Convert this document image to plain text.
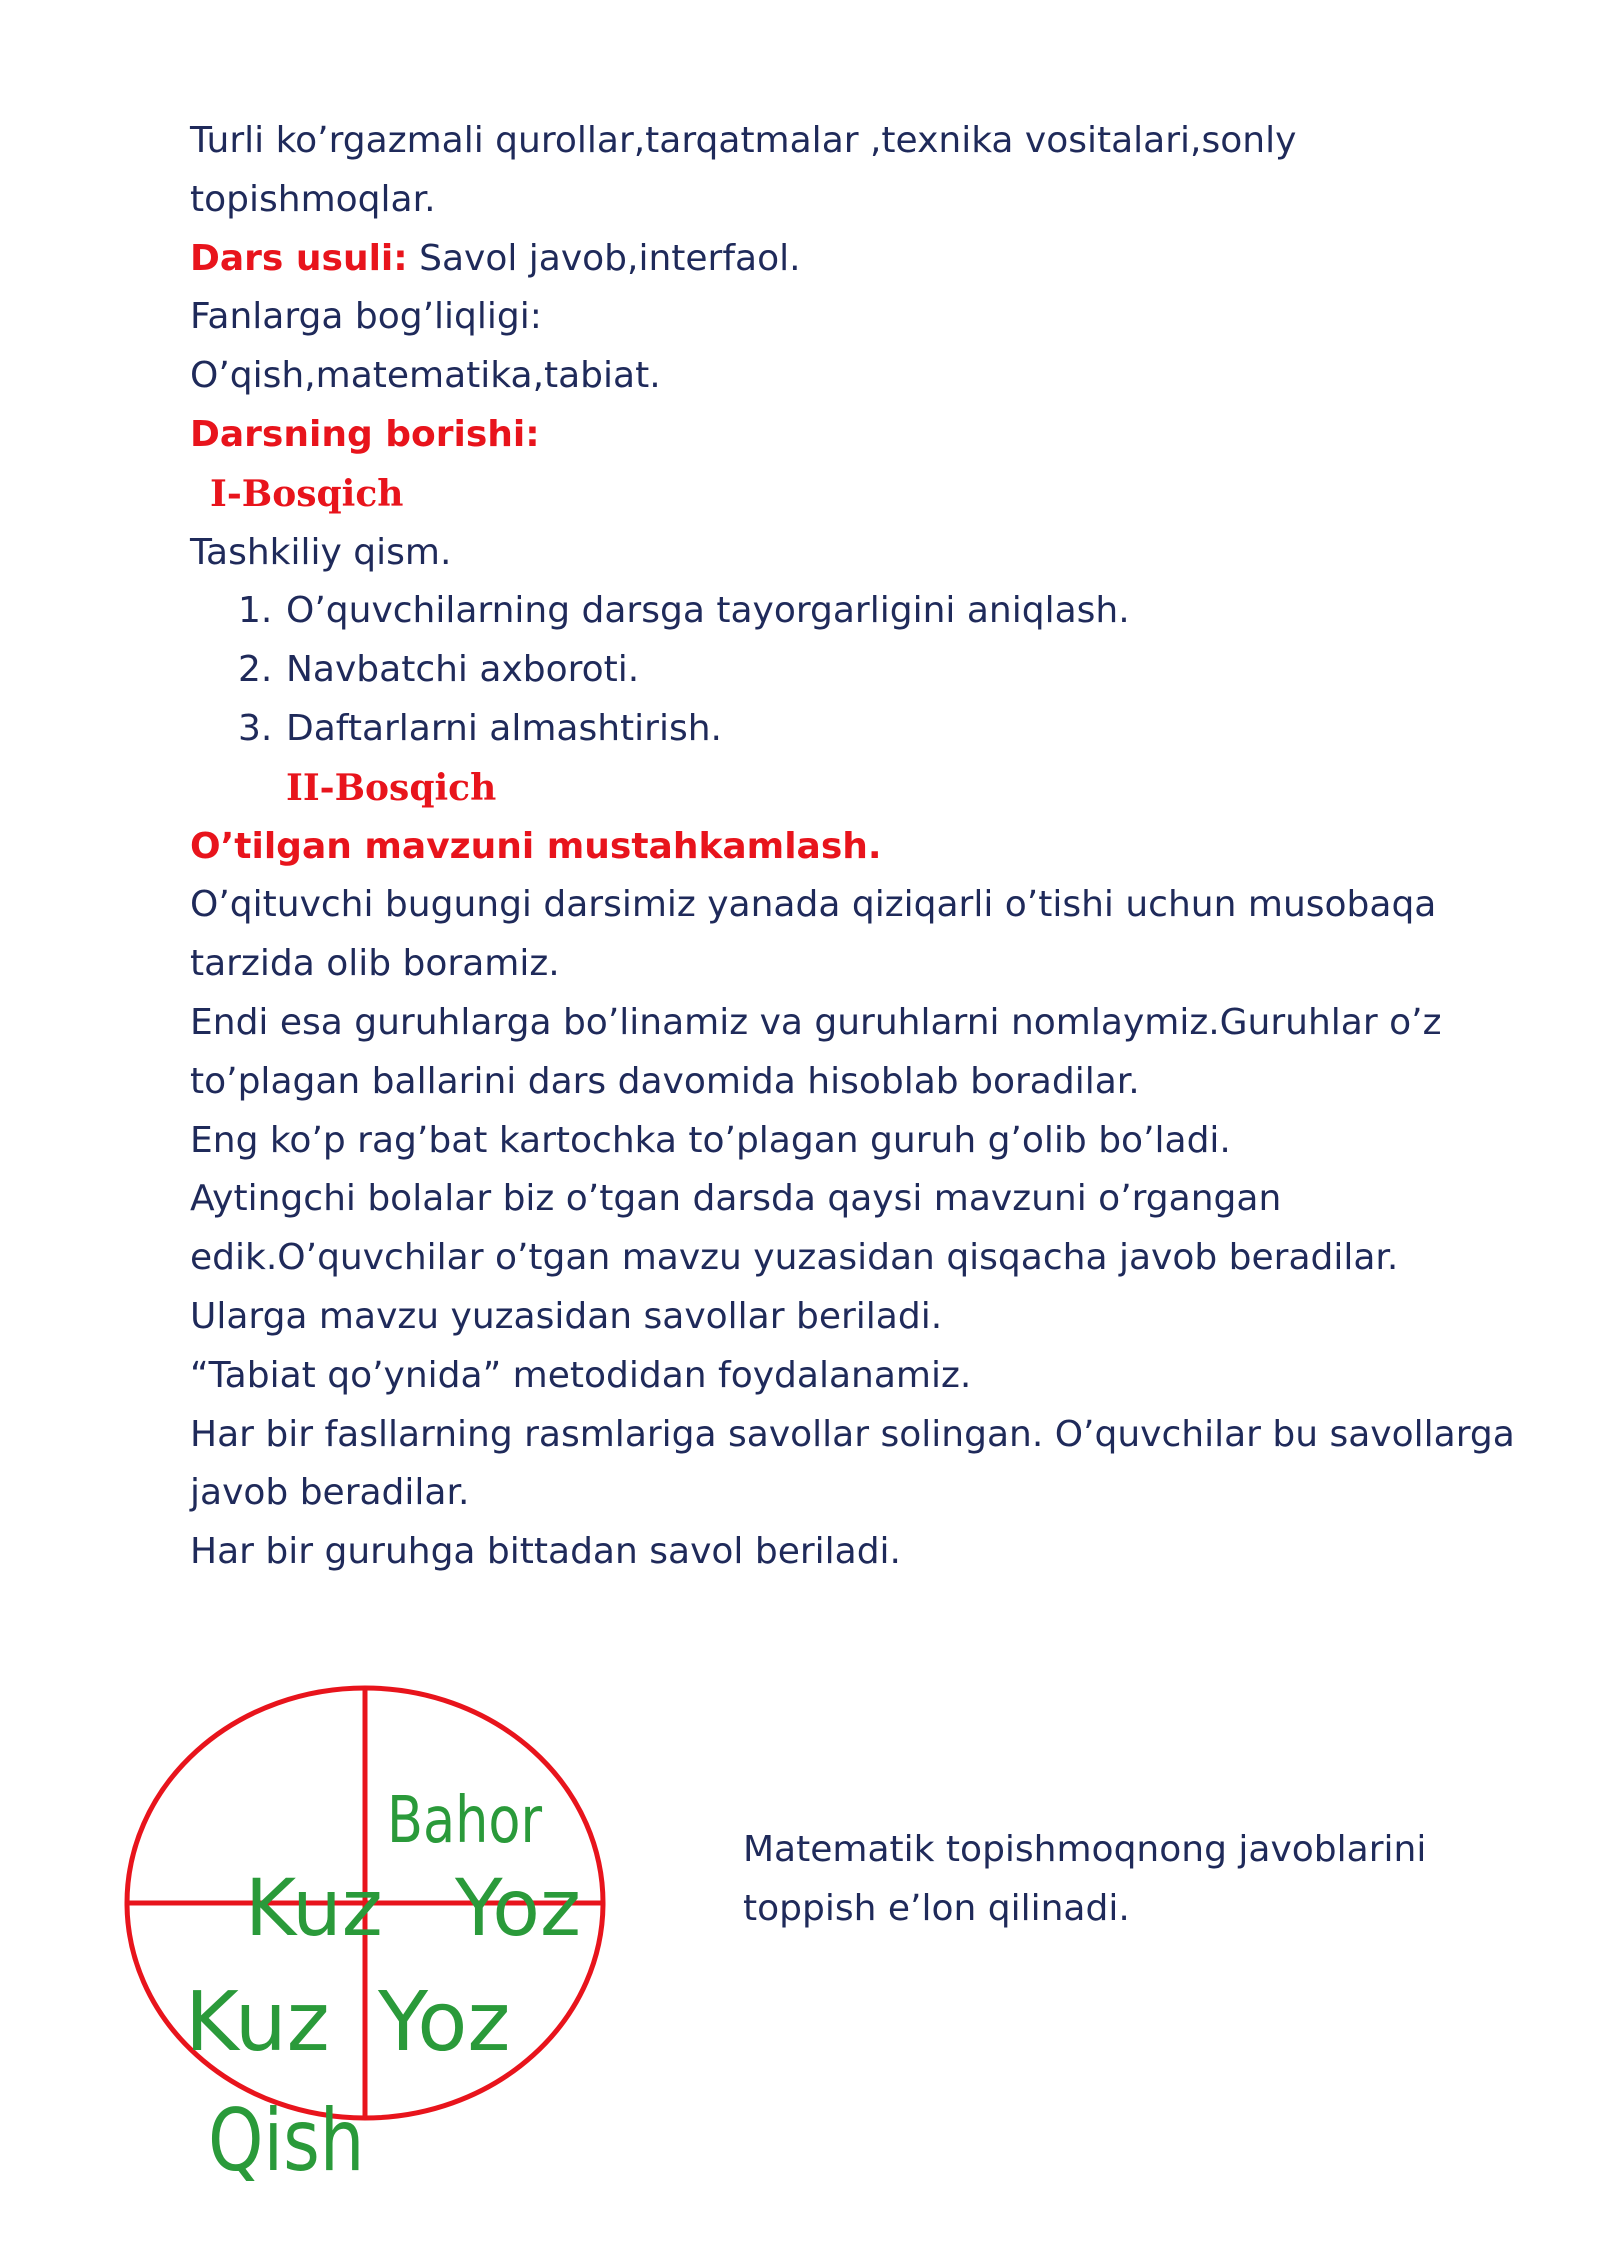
Turli ko’rgazmali qurollar,tarqatmalar ,texnika vositalari,sonly
topishmoqlar.
Dars usuli: Savol javob,interfaol.
Fanlarga bog’liqligi:
O’qish,matematika,tabiat.
Darsning borishi:
I-Bosqich
Tashkiliy qism.
1. O’quvchilarning darsga tayorgarligini aniqlash.
2. Navbatchi axboroti.
3. Daftarlarni almashtirish.
II-Bosqich
O’tilgan mavzuni mustahkamlash.
O’qituvchi bugungi darsimiz yanada qiziqarli o’tishi uchun musobaqa
tarzida olib boramiz.
Endi esa guruhlarga bo’linamiz va guruhlarni nomlaymiz.Guruhlar o’z
to’plagan ballarini dars davomida hisoblab boradilar.
Eng ko’p rag’bat kartochka to’plagan guruh g’olib bo’ladi.
Aytingchi bolalar biz o’tgan darsda qaysi mavzuni o’rgangan
edik.O’quvchilar o’tgan mavzu yuzasidan qisqacha javob beradilar.
Ularga mavzu yuzasidan savollar beriladi.
“Tabiat qo’ynida” metodidan foydalanamiz.
Har bir fasllarning rasmlariga savollar solingan. O’quvchilar bu savollarga
javob beradilar.
Har bir guruhga bittadan savol beriladi.
Bahor
Kuz Yoz
Kuz Yoz
Qish
Matematik topishmoqnong javoblarini
toppish e’lon qilinadi.
